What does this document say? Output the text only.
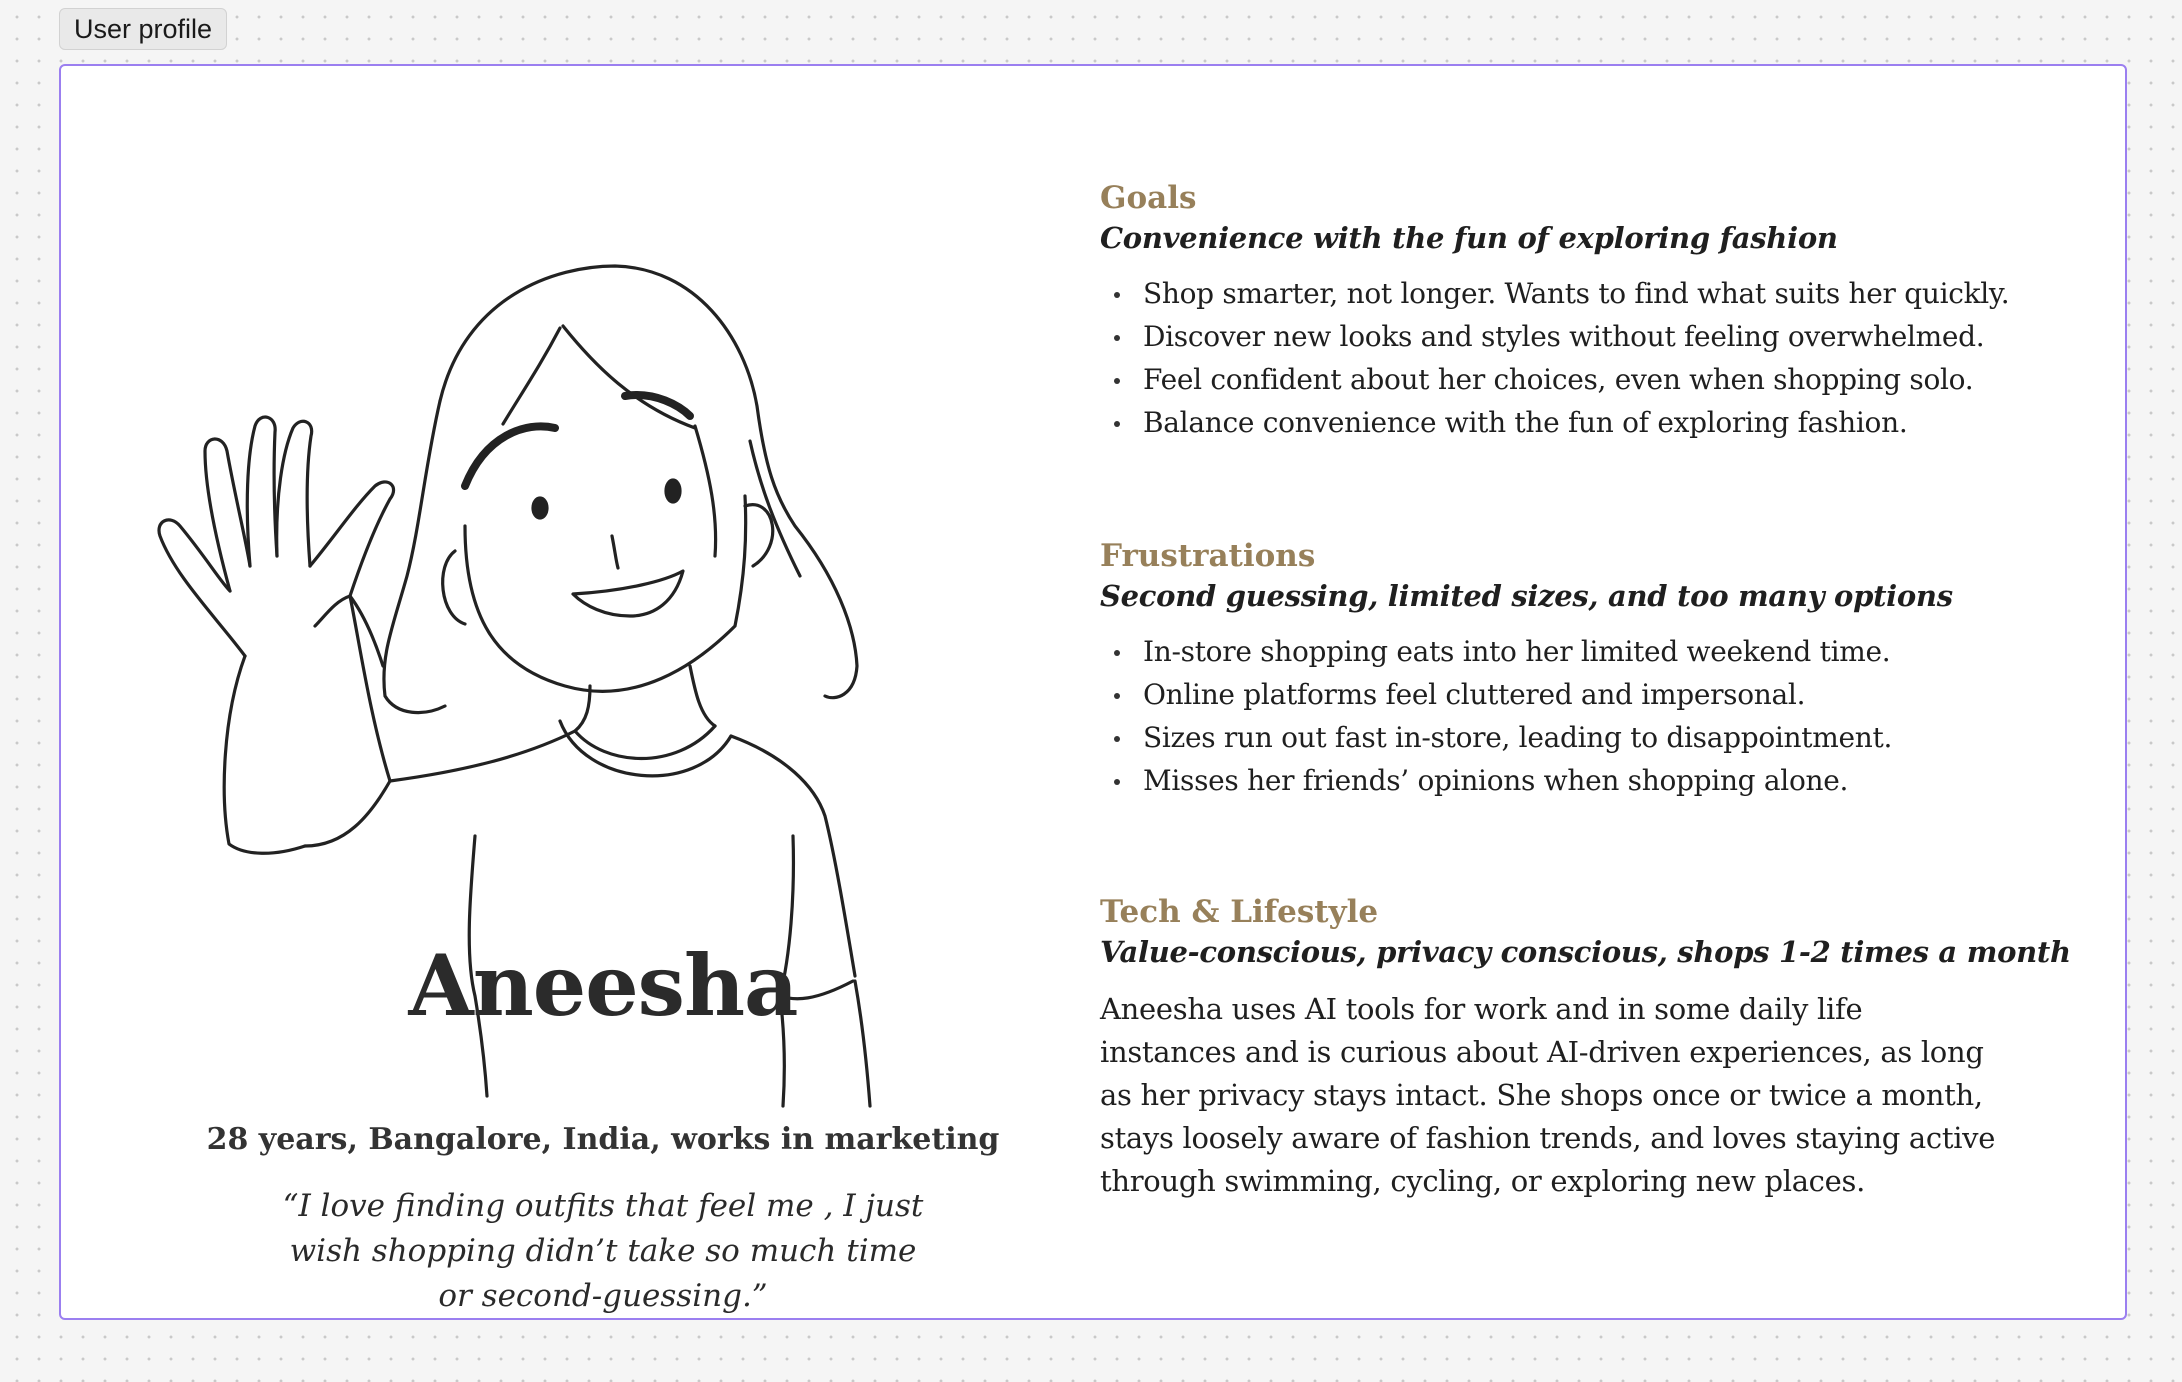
User profile
Aneesha
28 years, Bangalore, India, works in marketing
“I love finding outfits that feel me , I just wish shopping didn’t take so much time or second-guessing.”
Goals

Convenience with the fun of exploring fashion

Shop smarter, not longer. Wants to find what suits her quickly.
Discover new looks and styles without feeling overwhelmed.
Feel confident about her choices, even when shopping solo.
Balance convenience with the fun of exploring fashion.
Frustrations

Second guessing, limited sizes, and too many options

In-store shopping eats into her limited weekend time.
Online platforms feel cluttered and impersonal.
Sizes run out fast in-store, leading to disappointment.
Misses her friends’ opinions when shopping alone.
Tech & Lifestyle

Value-conscious, privacy conscious, shops 1-2 times a month

Aneesha uses AI tools for work and in some daily life instances and is curious about AI-driven experiences, as long as her privacy stays intact. She shops once or twice a month, stays loosely aware of fashion trends, and loves staying active through swimming, cycling, or exploring new places.
